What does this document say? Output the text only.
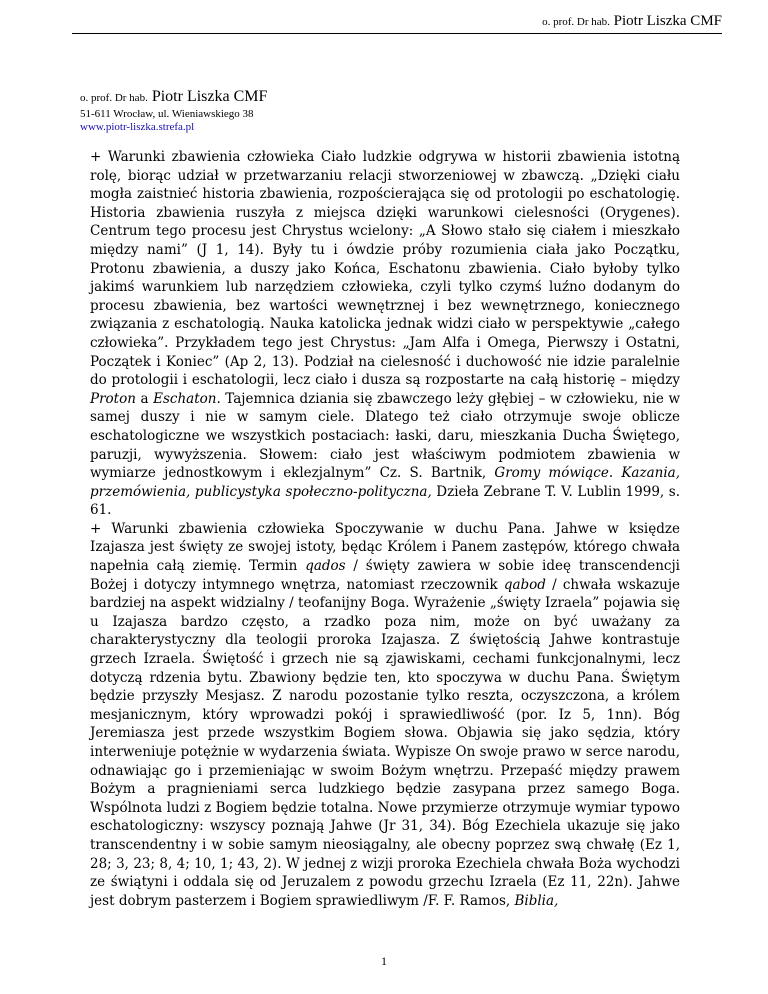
o. prof. Dr hab. Piotr Liszka CMF
o. prof. Dr hab. Piotr Liszka CMF
51-611 Wrocław, ul. Wieniawskiego 38
www.piotr-liszka.strefa.pl

+ Warunki zbawienia człowieka Ciało ludzkie odgrywa w historii zbawienia istotną rolę, biorąc udział w przetwarzaniu relacji stworzeniowej w zbawczą. „Dzięki ciału mogła zaistnieć historia zbawienia, rozpościerająca się od protologii po eschatologię. Historia zbawienia ruszyła z miejsca dzięki warunkowi cielesności (Orygenes). Centrum tego procesu jest Chrystus wcielony: „A Słowo stało się ciałem i mieszkało między nami” (J 1, 14). Były tu i ówdzie próby rozumienia ciała jako Początku, Protonu zbawienia, a duszy jako Końca, Eschatonu zbawienia. Ciało byłoby tylko jakimś warunkiem lub narzędziem człowieka, czyli tylko czymś luźno dodanym do procesu zbawienia, bez wartości wewnętrznej i bez wewnętrznego, koniecznego związania z eschatologią. Nauka katolicka jednak widzi ciało w perspektywie „całego człowieka”. Przykładem tego jest Chrystus: „Jam Alfa i Omega, Pierwszy i Ostatni, Początek i Koniec” (Ap 2, 13). Podział na cielesność i duchowość nie idzie paralelnie do protologii i eschatologii, lecz ciało i dusza są rozpostarte na całą historię – między Proton a Eschaton. Tajemnica dziania się zbawczego leży głębiej – w człowieku, nie w samej duszy i nie w samym ciele. Dlatego też ciało otrzymuje swoje oblicze eschatologiczne we wszystkich postaciach: łaski, daru, mieszkania Ducha Świętego, paruzji, wywyższenia. Słowem: ciało jest właściwym podmiotem zbawienia w wymiarze jednostkowym i eklezjalnym” Cz. S. Bartnik, Gromy mówiące. Kazania, przemówienia, publicystyka społeczno-polityczna, Dzieła Zebrane T. V. Lublin 1999, s. 61.

+ Warunki zbawienia człowieka Spoczywanie w duchu Pana. Jahwe w księdze Izajasza jest święty ze swojej istoty, będąc Królem i Panem zastępów, którego chwała napełnia całą ziemię. Termin qados / święty zawiera w sobie ideę transcendencji Bożej i dotyczy intymnego wnętrza, natomiast rzeczownik qabod / chwała wskazuje bardziej na aspekt widzialny / teofanijny Boga. Wyrażenie „święty Izraela” pojawia się u Izajasza bardzo często, a rzadko poza nim, może on być uważany za charakterystyczny dla teologii proroka Izajasza. Z świętością Jahwe kontrastuje grzech Izraela. Świętość i grzech nie są zjawiskami, cechami funkcjonalnymi, lecz dotyczą rdzenia bytu. Zbawiony będzie ten, kto spoczywa w duchu Pana. Świętym będzie przyszły Mesjasz. Z narodu pozostanie tylko reszta, oczyszczona, a królem mesjanicznym, który wprowadzi pokój i sprawiedliwość (por. Iz 5, 1nn). Bóg Jeremiasza jest przede wszystkim Bogiem słowa. Objawia się jako sędzia, który interweniuje potężnie w wydarzenia świata. Wypisze On swoje prawo w serce narodu, odnawiając go i przemieniając w swoim Bożym wnętrzu. Przepaść między prawem Bożym a pragnieniami serca ludzkiego będzie zasypana przez samego Boga. Wspólnota ludzi z Bogiem będzie totalna. Nowe przymierze otrzymuje wymiar typowo eschatologiczny: wszyscy poznają Jahwe (Jr 31, 34). Bóg Ezechiela ukazuje się jako transcendentny i w sobie samym nieosiągalny, ale obecny poprzez swą chwałę (Ez 1, 28; 3, 23; 8, 4; 10, 1; 43, 2). W jednej z wizji proroka Ezechiela chwała Boża wychodzi ze świątyni i oddala się od Jeruzalem z powodu grzechu Izraela (Ez 11, 22n). Jahwe jest dobrym pasterzem i Bogiem sprawiedliwym /F. F. Ramos, Biblia,

1
